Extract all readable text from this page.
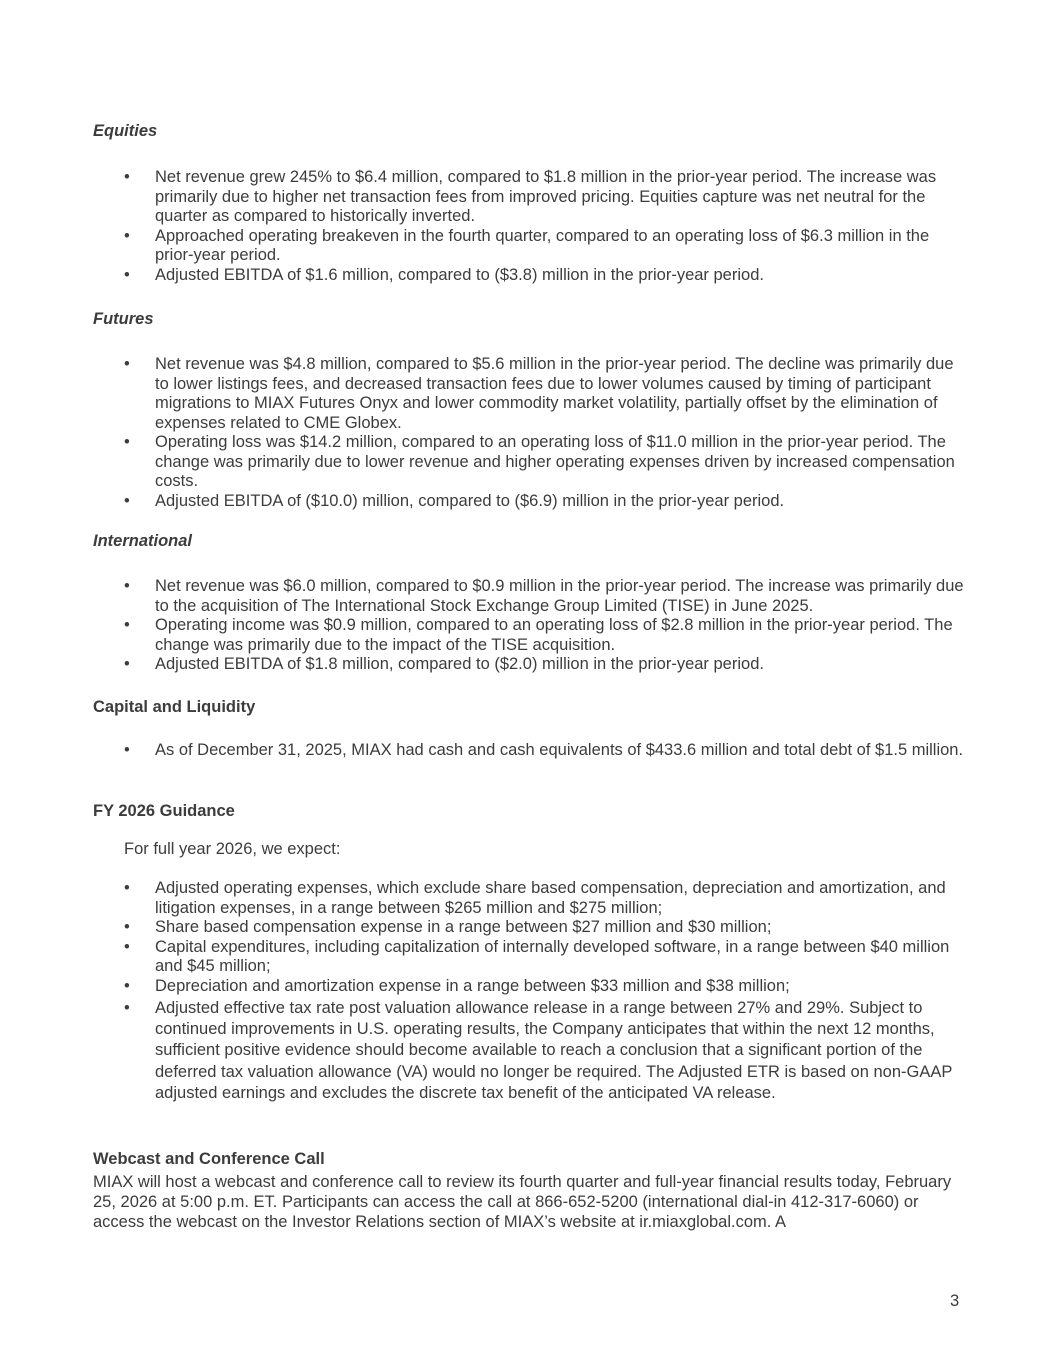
Equities
• Net revenue grew 245% to $6.4 million, compared to $1.8 million in the prior-year period. The increase was primarily due to higher net transaction fees from improved pricing. Equities capture was net neutral for the quarter as compared to historically inverted.
• Approached operating breakeven in the fourth quarter, compared to an operating loss of $6.3 million in the prior-year period.
• Adjusted EBITDA of $1.6 million, compared to ($3.8) million in the prior-year period.
Futures
• Net revenue was $4.8 million, compared to $5.6 million in the prior-year period. The decline was primarily due to lower listings fees, and decreased transaction fees due to lower volumes caused by timing of participant migrations to MIAX Futures Onyx and lower commodity market volatility, partially offset by the elimination of expenses related to CME Globex.
• Operating loss was $14.2 million, compared to an operating loss of $11.0 million in the prior-year period. The change was primarily due to lower revenue and higher operating expenses driven by increased compensation costs.
• Adjusted EBITDA of ($10.0) million, compared to ($6.9) million in the prior-year period.
International
• Net revenue was $6.0 million, compared to $0.9 million in the prior-year period. The increase was primarily due to the acquisition of The International Stock Exchange Group Limited (TISE) in June 2025.
• Operating income was $0.9 million, compared to an operating loss of $2.8 million in the prior-year period. The change was primarily due to the impact of the TISE acquisition.
• Adjusted EBITDA of $1.8 million, compared to ($2.0) million in the prior-year period.
Capital and Liquidity
• As of December 31, 2025, MIAX had cash and cash equivalents of $433.6 million and total debt of $1.5 million.
FY 2026 Guidance
For full year 2026, we expect:
• Adjusted operating expenses, which exclude share based compensation, depreciation and amortization, and litigation expenses, in a range between $265 million and $275 million;
• Share based compensation expense in a range between $27 million and $30 million;
• Capital expenditures, including capitalization of internally developed software, in a range between $40 million and $45 million;
• Depreciation and amortization expense in a range between $33 million and $38 million;
• Adjusted effective tax rate post valuation allowance release in a range between 27% and 29%. Subject to continued improvements in U.S. operating results, the Company anticipates that within the next 12 months, sufficient positive evidence should become available to reach a conclusion that a significant portion of the deferred tax valuation allowance (VA) would no longer be required. The Adjusted ETR is based on non-GAAP adjusted earnings and excludes the discrete tax benefit of the anticipated VA release.
Webcast and Conference Call
MIAX will host a webcast and conference call to review its fourth quarter and full-year financial results today, February 25, 2026 at 5:00 p.m. ET. Participants can access the call at 866-652-5200 (international dial-in 412-317-6060) or access the webcast on the Investor Relations section of MIAX’s website at ir.miaxglobal.com. A
3
